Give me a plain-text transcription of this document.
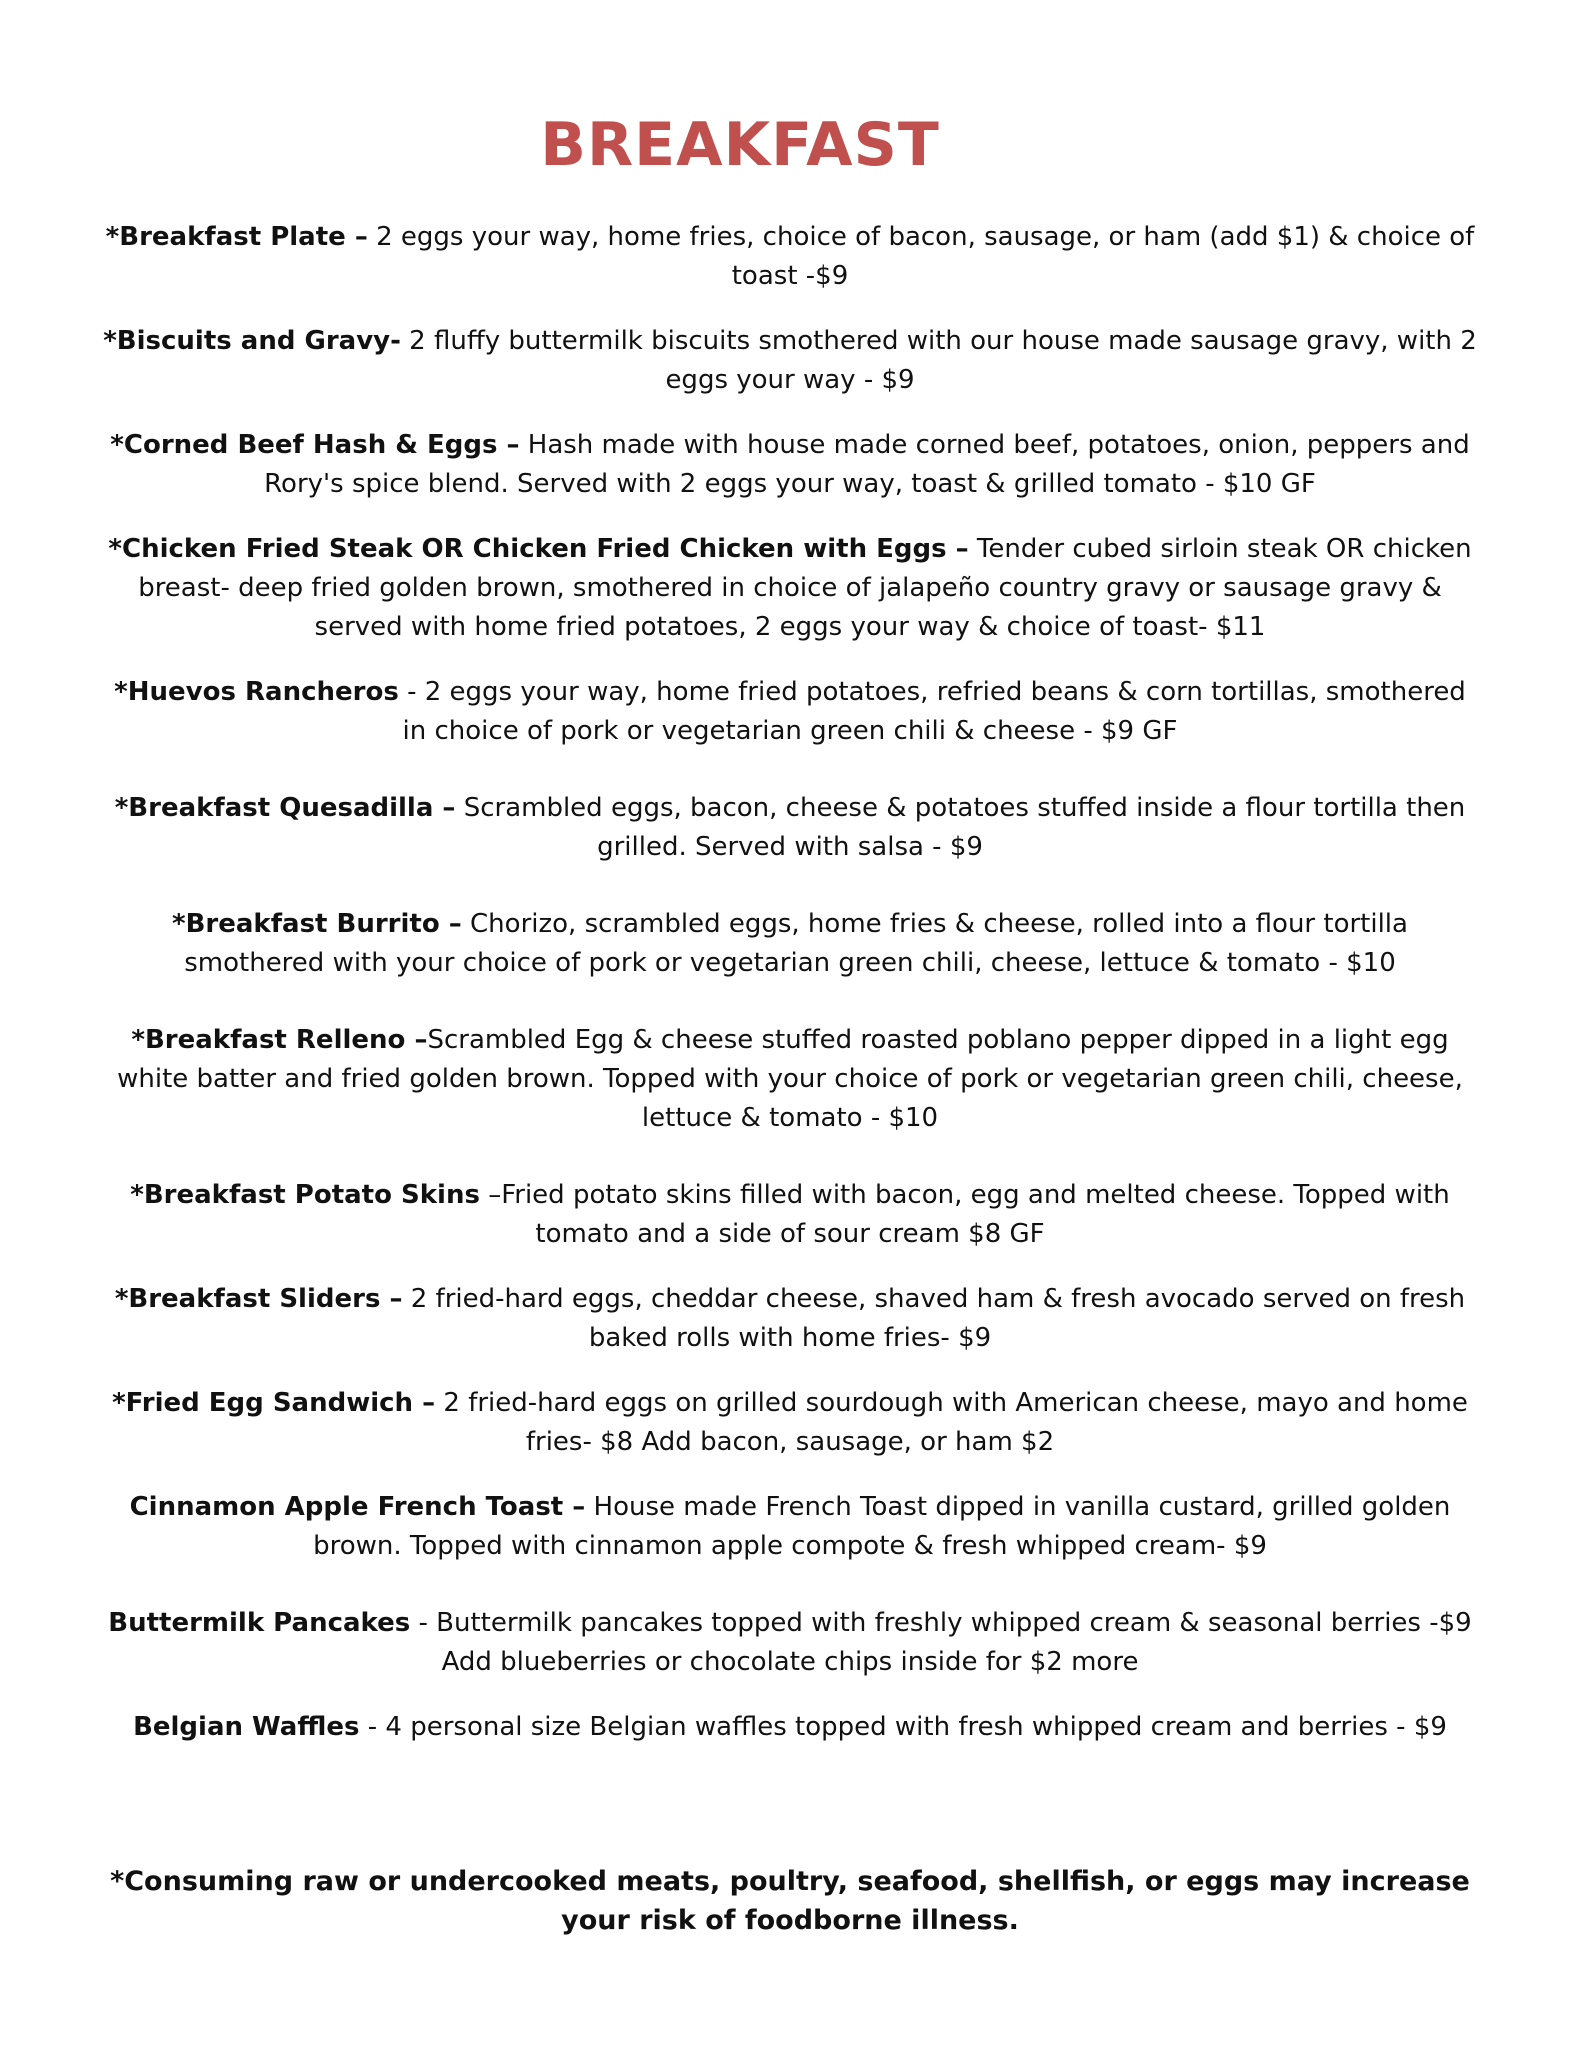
BREAKFAST

*Breakfast Plate – 2 eggs your way, home fries, choice of bacon, sausage, or ham (add $1) & choice of toast -$9

*Biscuits and Gravy- 2 fluffy buttermilk biscuits smothered with our house made sausage gravy, with 2 eggs your way - $9

*Corned Beef Hash & Eggs – Hash made with house made corned beef, potatoes, onion, peppers and Rory's spice blend. Served with 2 eggs your way, toast & grilled tomato - $10 GF

*Chicken Fried Steak OR Chicken Fried Chicken with Eggs – Tender cubed sirloin steak OR chicken breast- deep fried golden brown, smothered in choice of jalapeño country gravy or sausage gravy & served with home fried potatoes, 2 eggs your way & choice of toast- $11

*Huevos Rancheros - 2 eggs your way, home fried potatoes, refried beans & corn tortillas, smothered in choice of pork or vegetarian green chili & cheese - $9 GF

*Breakfast Quesadilla – Scrambled eggs, bacon, cheese & potatoes stuffed inside a flour tortilla then grilled. Served with salsa - $9

*Breakfast Burrito – Chorizo, scrambled eggs, home fries & cheese, rolled into a flour tortilla smothered with your choice of pork or vegetarian green chili, cheese, lettuce & tomato - $10

*Breakfast Relleno –Scrambled Egg & cheese stuffed roasted poblano pepper dipped in a light egg white batter and fried golden brown. Topped with your choice of pork or vegetarian green chili, cheese, lettuce & tomato - $10

*Breakfast Potato Skins –Fried potato skins filled with bacon, egg and melted cheese. Topped with tomato and a side of sour cream $8 GF

*Breakfast Sliders – 2 fried-hard eggs, cheddar cheese, shaved ham & fresh avocado served on fresh baked rolls with home fries- $9

*Fried Egg Sandwich – 2 fried-hard eggs on grilled sourdough with American cheese, mayo and home fries- $8 Add bacon, sausage, or ham $2

Cinnamon Apple French Toast – House made French Toast dipped in vanilla custard, grilled golden brown. Topped with cinnamon apple compote & fresh whipped cream- $9

Buttermilk Pancakes - Buttermilk pancakes topped with freshly whipped cream & seasonal berries -$9 Add blueberries or chocolate chips inside for $2 more

Belgian Waffles - 4 personal size Belgian waffles topped with fresh whipped cream and berries - $9

*Consuming raw or undercooked meats, poultry, seafood, shellfish, or eggs may increase your risk of foodborne illness.
